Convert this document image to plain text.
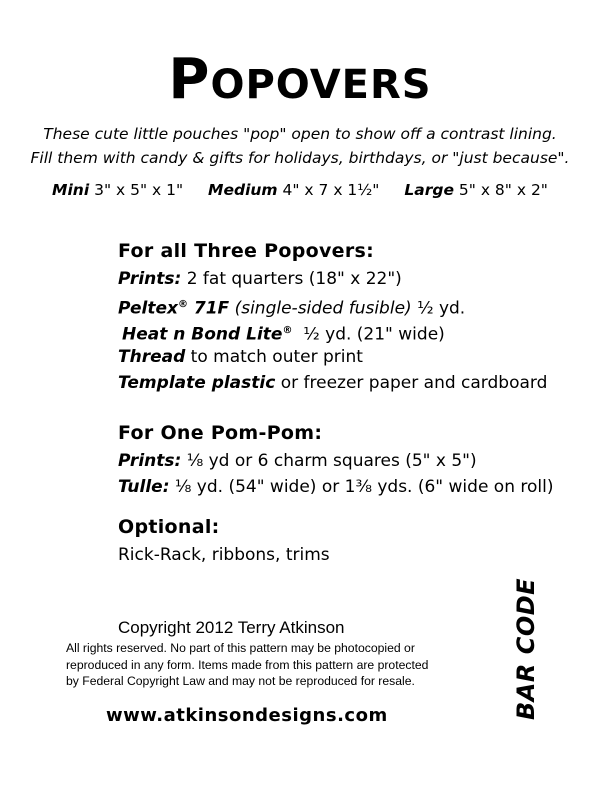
POPOVERS
These cute little pouches "pop" open to show off a contrast lining.
Fill them with candy & gifts for holidays, birthdays, or "just because".
Mini 3" x 5" x 1" Medium 4" x 7 x 1½" Large 5" x 8" x 2"
For all Three Popovers:
Prints: 2 fat quarters (18" x 22")
Peltex® 71F (single-sided fusible) ½ yd.
Heat n Bond Lite® ½ yd. (21" wide)
Thread to match outer print
Template plastic or freezer paper and cardboard
For One Pom-Pom:
Prints: ⅛ yd or 6 charm squares (5" x 5")
Tulle: ⅛ yd. (54" wide) or 1⅜ yds. (6" wide on roll)
Optional:
Rick-Rack, ribbons, trims
Copyright 2012 Terry Atkinson
All rights reserved. No part of this pattern may be photocopied or
reproduced in any form. Items made from this pattern are protected
by Federal Copyright Law and may not be reproduced for resale.
www.atkinsondesigns.com	BAR CODE
